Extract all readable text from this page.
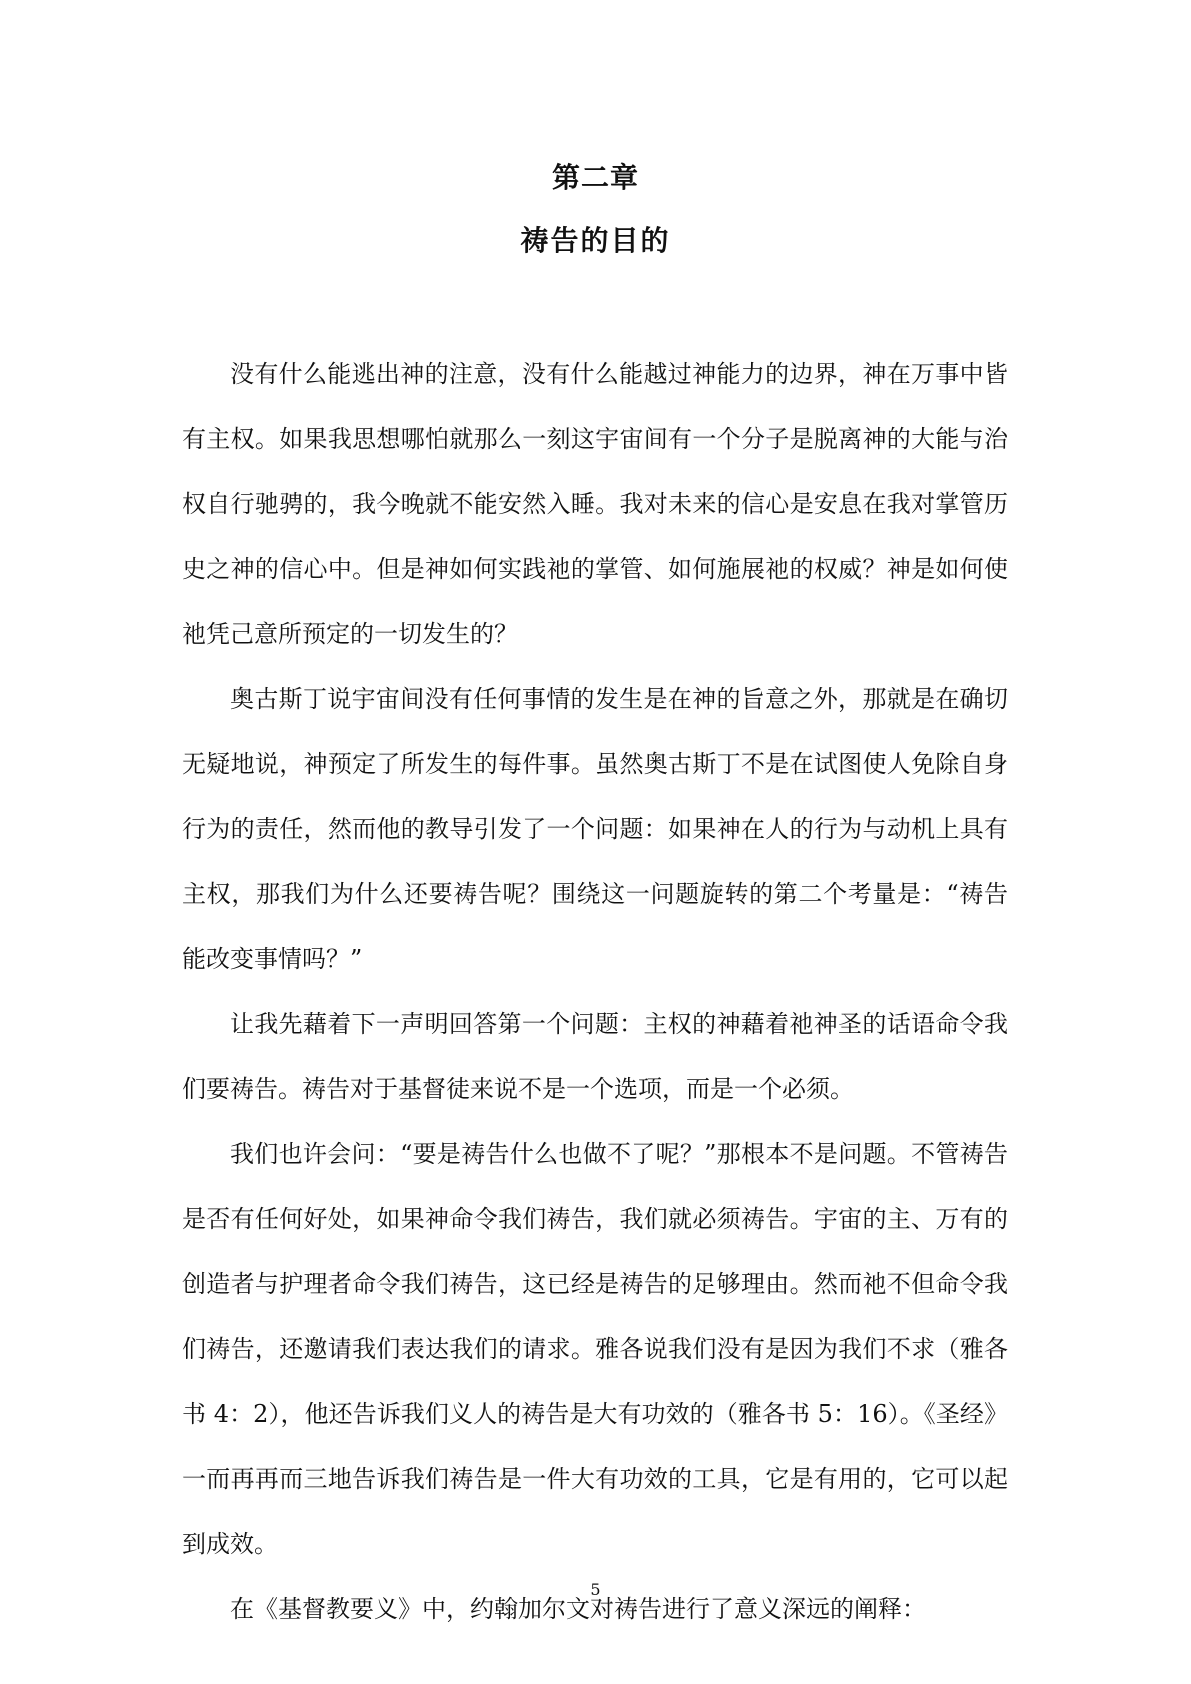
第二章
祷告的目的

没有什么能逃出神的注意，没有什么能越过神能力的边界，神在万事中皆有主权。如果我思想哪怕就那么一刻这宇宙间有一个分子是脱离神的大能与治权自行驰骋的，我今晚就不能安然入睡。我对未来的信心是安息在我对掌管历史之神的信心中。但是神如何实践祂的掌管、如何施展祂的权威？神是如何使祂凭己意所预定的一切发生的？

奥古斯丁说宇宙间没有任何事情的发生是在神的旨意之外，那就是在确切无疑地说，神预定了所发生的每件事。虽然奥古斯丁不是在试图使人免除自身行为的责任，然而他的教导引发了一个问题：如果神在人的行为与动机上具有主权，那我们为什么还要祷告呢？围绕这一问题旋转的第二个考量是：“祷告能改变事情吗？”

让我先藉着下一声明回答第一个问题：主权的神藉着祂神圣的话语命令我们要祷告。祷告对于基督徒来说不是一个选项，而是一个必须。

我们也许会问：“要是祷告什么也做不了呢？”那根本不是问题。不管祷告是否有任何好处，如果神命令我们祷告，我们就必须祷告。宇宙的主、万有的创造者与护理者命令我们祷告，这已经是祷告的足够理由。然而祂不但命令我们祷告，还邀请我们表达我们的请求。雅各说我们没有是因为我们不求（雅各书 4：2），他还告诉我们义人的祷告是大有功效的（雅各书 5：16）。《圣经》一而再再而三地告诉我们祷告是一件大有功效的工具，它是有用的，它可以起到成效。

在《基督教要义》中，约翰加尔文对祷告进行了意义深远的阐释：

5
